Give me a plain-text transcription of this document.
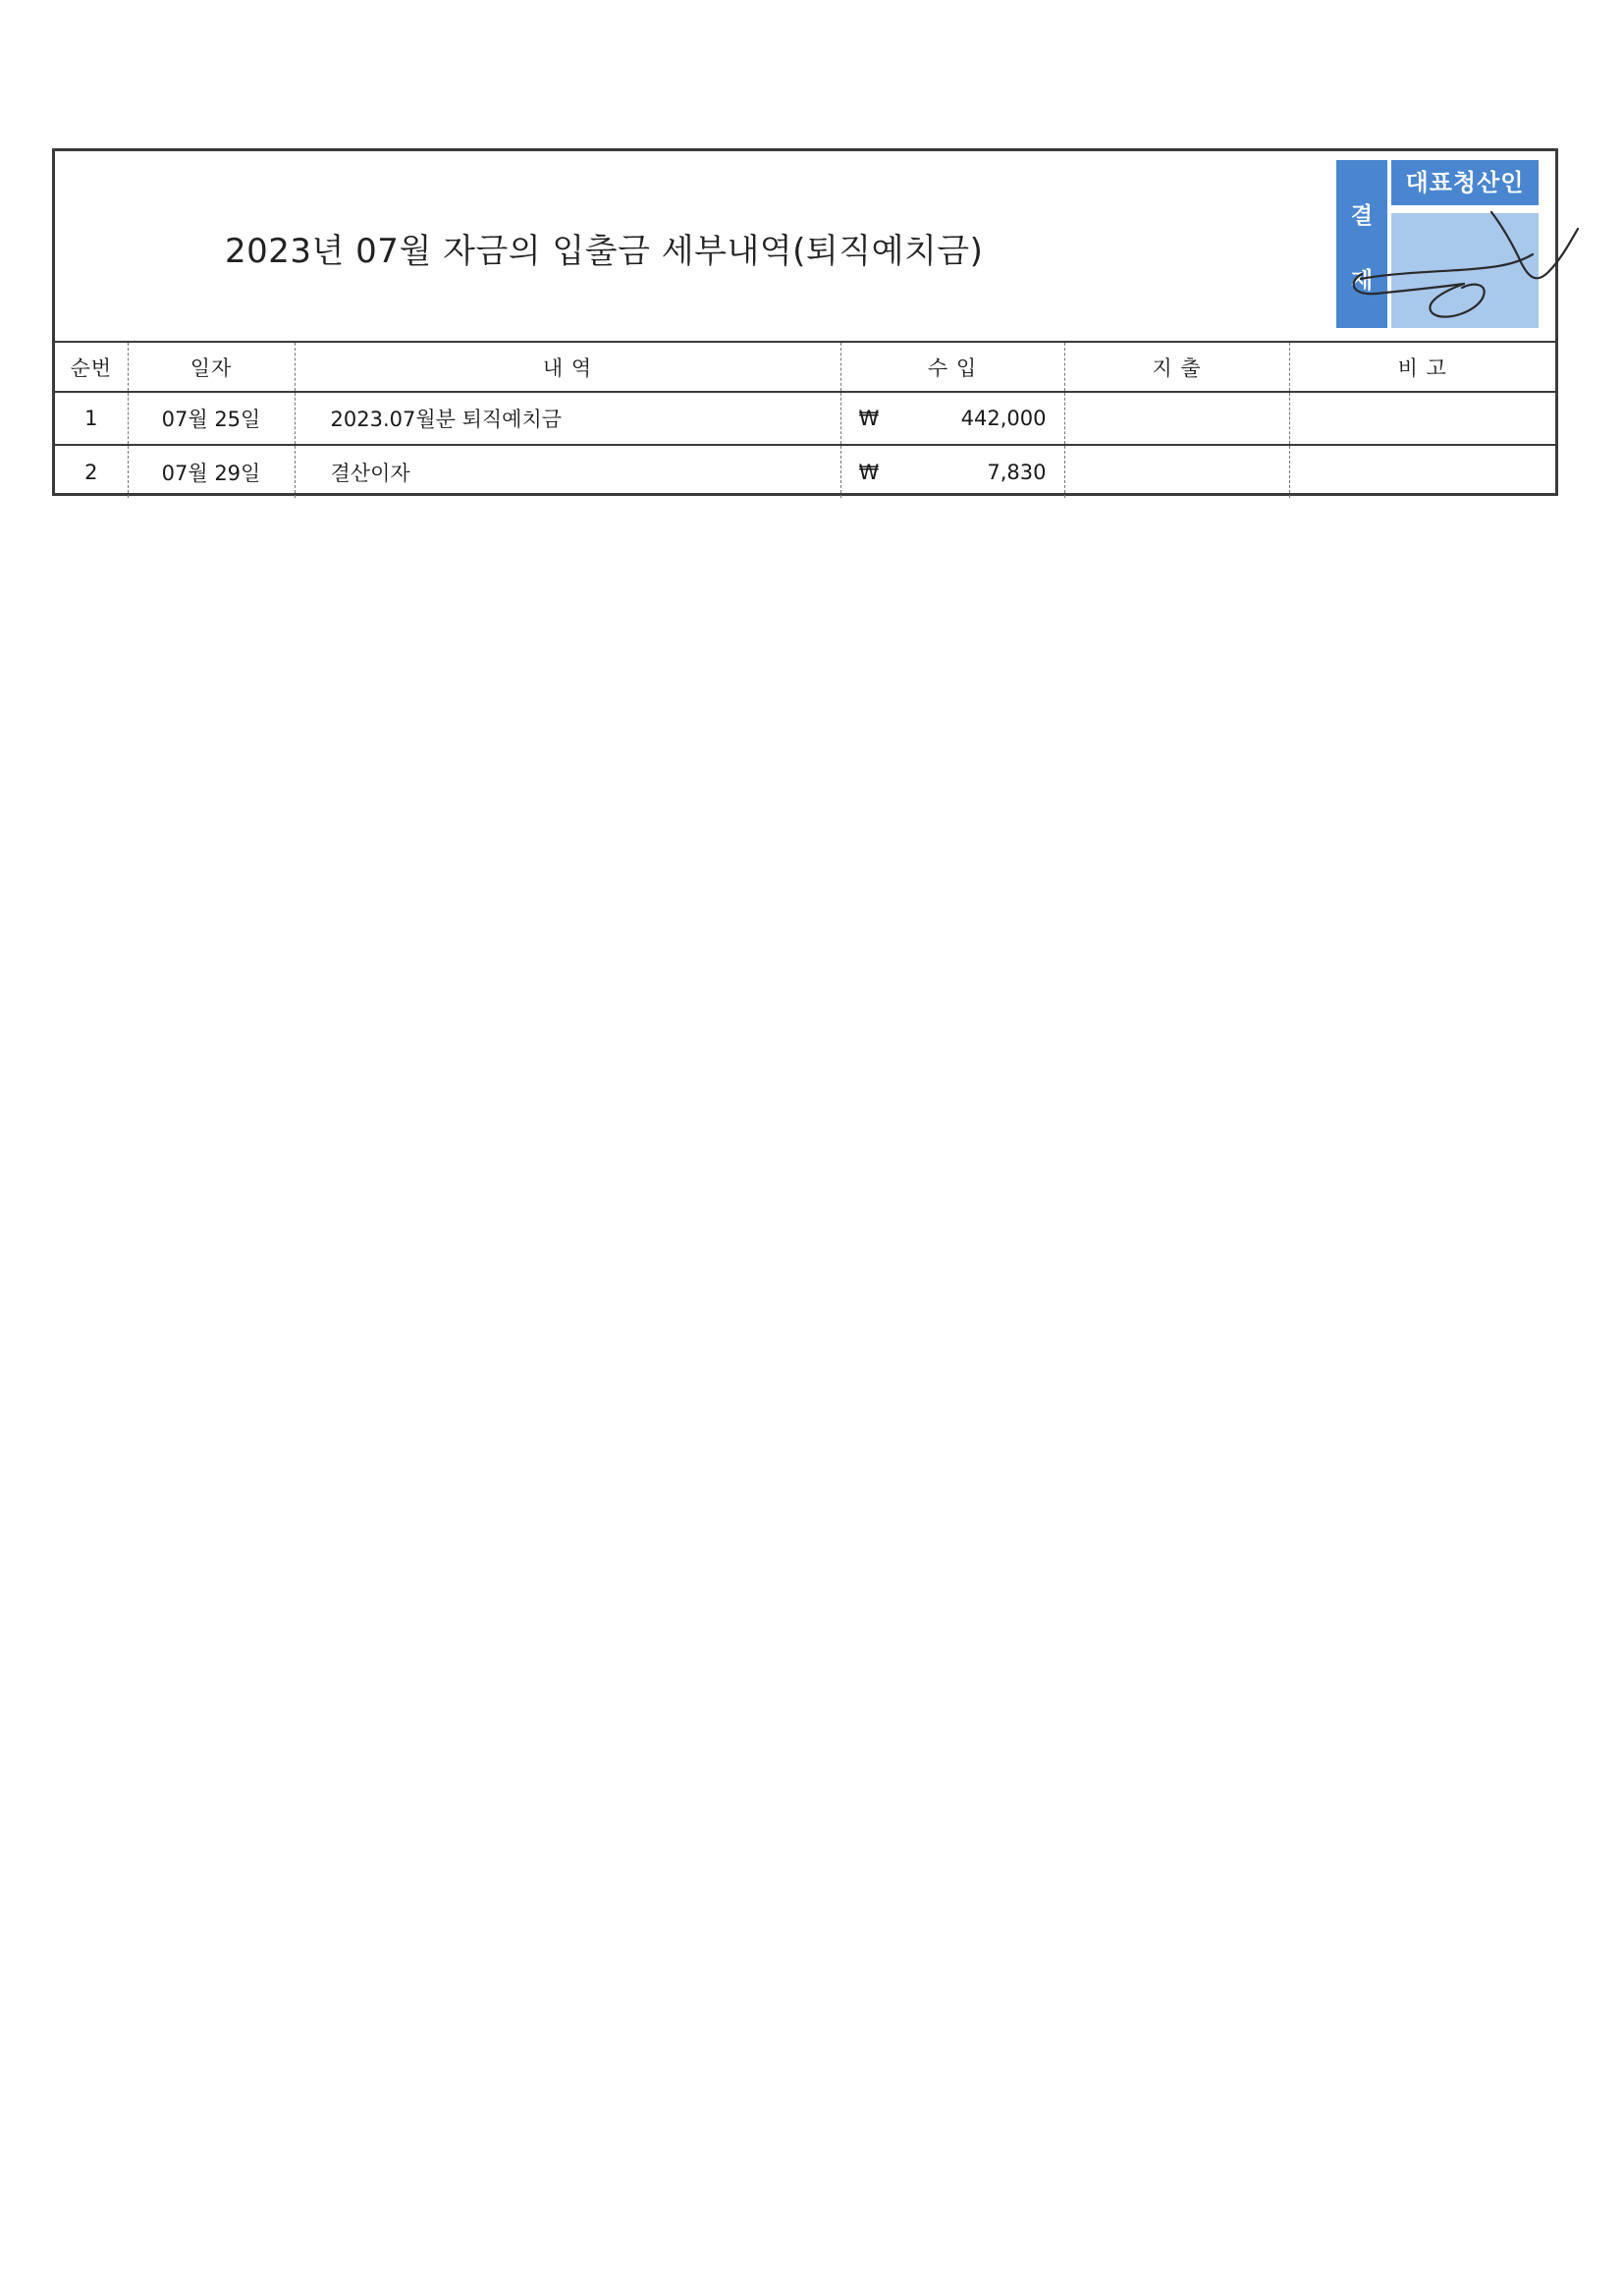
2023년 07월 자금의 입출금 세부내역(퇴직예치금)
결
재
대표청산인
순번	일자	내 역	수 입	지 출	비 고
1	07월 25일	2023.07월분 퇴직예치금	₩ 442,000		

2	07월 29일	결산이자	₩ 7,830		
